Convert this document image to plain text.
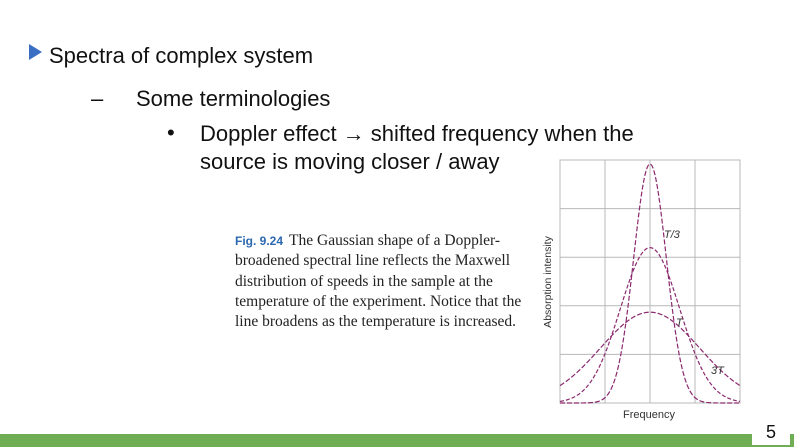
Spectra of complex system
– Some terminologies
• Doppler effect → shifted frequency when the source is moving closer / away
Fig. 9.24 The Gaussian shape of a Doppler-broadened spectral line reflects the Maxwell distribution of speeds in the sample at the temperature of the experiment. Notice that the line broadens as the temperature is increased.
T/3
T
3T
Frequency
Absorption intensity
5
